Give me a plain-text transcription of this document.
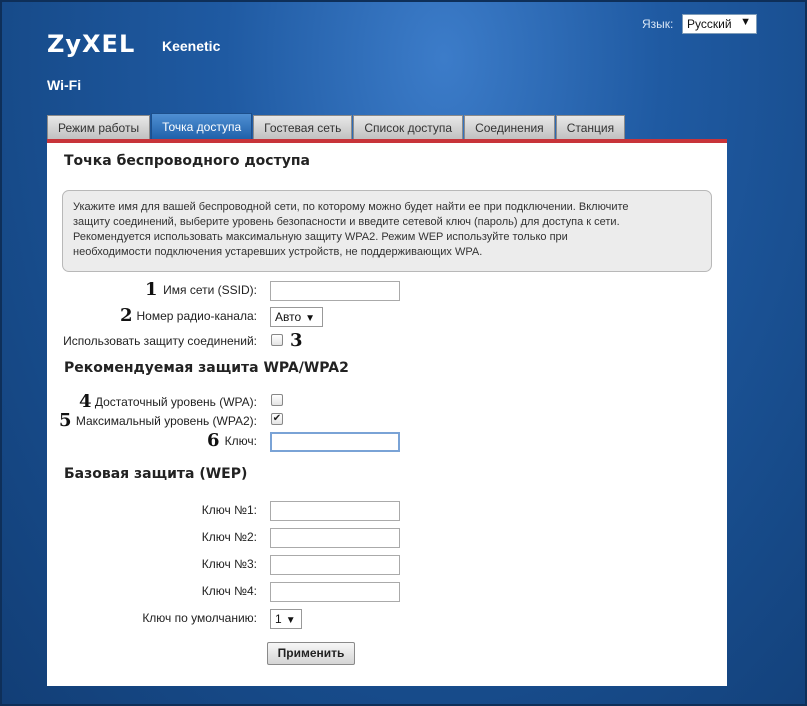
ZyXEL Keenetic
Wi-Fi
Язык:	Русский ▼
Режим работы	Точка доступа	Гостевая сеть	Список доступа	Соединения	Станция
Точка беспроводного доступа
Укажите имя для вашей беспроводной сети, по которому можно будет найти ее при подключении. Включите
защиту соединений, выберите уровень безопасности и введите сетевой ключ (пароль) для доступа к сети.
Рекомендуется использовать максимальную защиту WPA2. Режим WEP используйте только при
необходимости подключения устаревших устройств, не поддерживающих WPA.
1 Имя сети (SSID):
2 Номер радио-канала:	Авто ▼
Использовать защиту соединений: 3
Рекомендуемая защита WPA/WPA2
4 Достаточный уровень (WPA):
5 Максимальный уровень (WPA2): ✔
6 Ключ:
Базовая защита (WEP)
Ключ №1:
Ключ №2:
Ключ №3:
Ключ №4:
Ключ по умолчанию:	1 ▼
Применить
